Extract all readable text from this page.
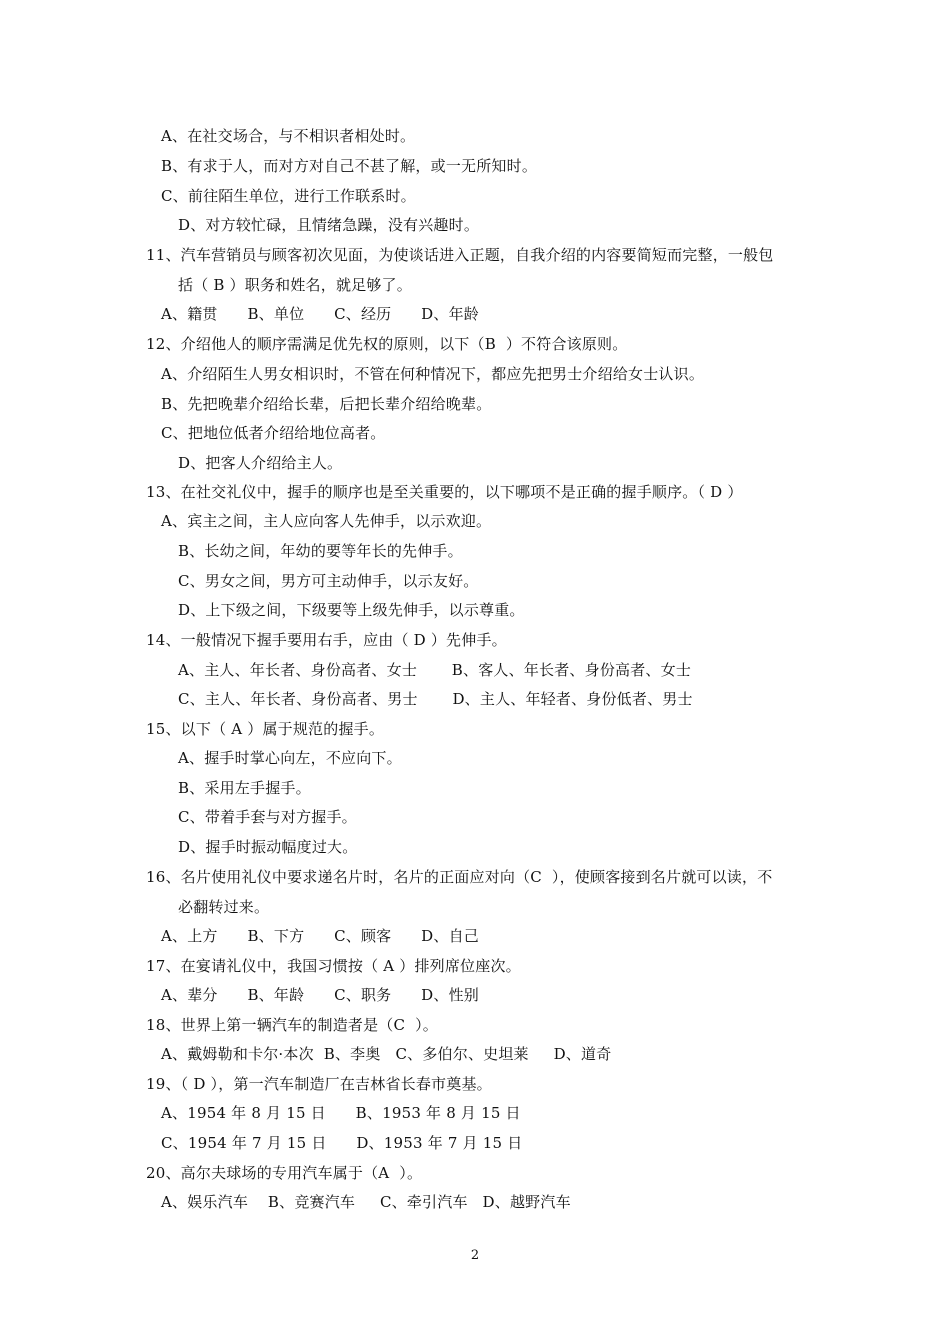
A、在社交场合，与不相识者相处时。
B、有求于人，而对方对自己不甚了解，或一无所知时。
C、前往陌生单位，进行工作联系时。
D、对方较忙碌，且情绪急躁，没有兴趣时。
11、汽车营销员与顾客初次见面，为使谈话进入正题，自我介绍的内容要简短而完整，一般包
括（ B ）职务和姓名，就足够了。
A、籍贯      B、单位      C、经历      D、年龄
12、介绍他人的顺序需满足优先权的原则，以下（B  ）不符合该原则。
A、介绍陌生人男女相识时，不管在何种情况下，都应先把男士介绍给女士认识。
B、先把晚辈介绍给长辈，后把长辈介绍给晚辈。
C、把地位低者介绍给地位高者。
D、把客人介绍给主人。
13、在社交礼仪中，握手的顺序也是至关重要的，以下哪项不是正确的握手顺序。（ D ）
A、宾主之间，主人应向客人先伸手，以示欢迎。
B、长幼之间，年幼的要等年长的先伸手。
C、男女之间，男方可主动伸手，以示友好。
D、上下级之间，下级要等上级先伸手，以示尊重。
14、一般情况下握手要用右手，应由（ D ）先伸手。
A、主人、年长者、身份高者、女士       B、客人、年长者、身份高者、女士
C、主人、年长者、身份高者、男士       D、主人、年轻者、身份低者、男士
15、以下（ A ）属于规范的握手。
A、握手时掌心向左，不应向下。
B、采用左手握手。
C、带着手套与对方握手。
D、握手时振动幅度过大。
16、名片使用礼仪中要求递名片时，名片的正面应对向（C  ），使顾客接到名片就可以读，不
必翻转过来。
A、上方      B、下方      C、顾客      D、自己
17、在宴请礼仪中，我国习惯按（ A ）排列席位座次。
A、辈分      B、年龄      C、职务      D、性别
18、世界上第一辆汽车的制造者是（C  ）。
A、戴姆勒和卡尔·本次  B、李奥   C、多伯尔、史坦莱     D、道奇
19、（ D ），第一汽车制造厂在吉林省长春市奠基。
A、1954 年 8 月 15 日      B、1953 年 8 月 15 日
C、1954 年 7 月 15 日      D、1953 年 7 月 15 日
20、高尔夫球场的专用汽车属于（A  ）。
A、娱乐汽车    B、竞赛汽车     C、牵引汽车   D、越野汽车
2
